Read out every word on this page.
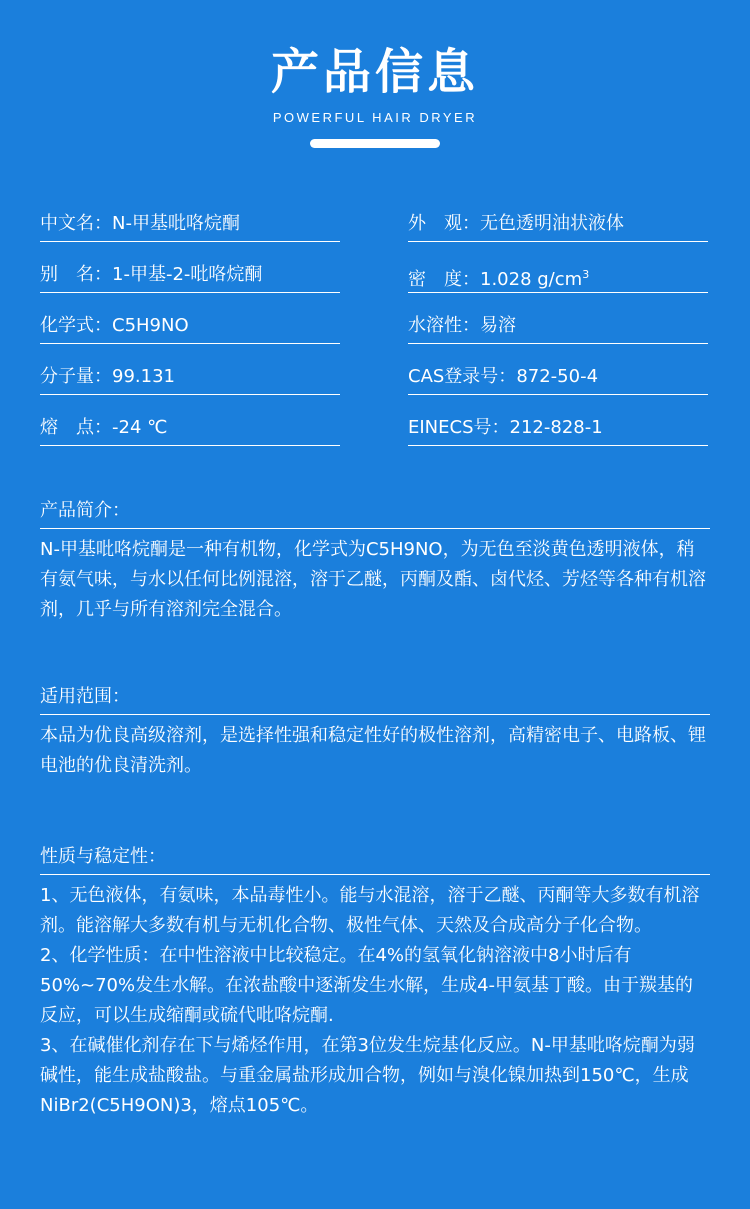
产品信息
POWERFUL HAIR DRYER
中文名：N-甲基吡咯烷酮
别　名：1-甲基-2-吡咯烷酮
化学式：C5H9NO
分子量：99.131
熔　点：-24 ℃
外　观：无色透明油状液体
密　度：1.028 $g/cm^3$
水溶性：易溶
CAS登录号：872-50-4
EINECS号：212-828-1
产品简介：

N-甲基吡咯烷酮是一种有机物，化学式为C5H9NO，为无色至淡黄色透明液体，稍有氨气味，与水以任何比例混溶，溶于乙醚，丙酮及酯、卤代烃、芳烃等各种有机溶剂，几乎与所有溶剂完全混合。

适用范围：

本品为优良高级溶剂，是选择性强和稳定性好的极性溶剂，高精密电子、电路板、锂电池的优良清洗剂。

性质与稳定性：

1、无色液体，有氨味，本品毒性小。能与水混溶，溶于乙醚、丙酮等大多数有机溶剂。能溶解大多数有机与无机化合物、极性气体、天然及合成高分子化合物。

2、化学性质：在中性溶液中比较稳定。在4%的氢氧化钠溶液中8小时后有50%~70%发生水解。在浓盐酸中逐渐发生水解，生成4-甲氨基丁酸。由于羰基的反应，可以生成缩酮或硫代吡咯烷酮.

3、在碱催化剂存在下与烯烃作用，在第3位发生烷基化反应。N-甲基吡咯烷酮为弱碱性，能生成盐酸盐。与重金属盐形成加合物，例如与溴化镍加热到150℃，生成NiBr2(C5H9ON)3，熔点105℃。
